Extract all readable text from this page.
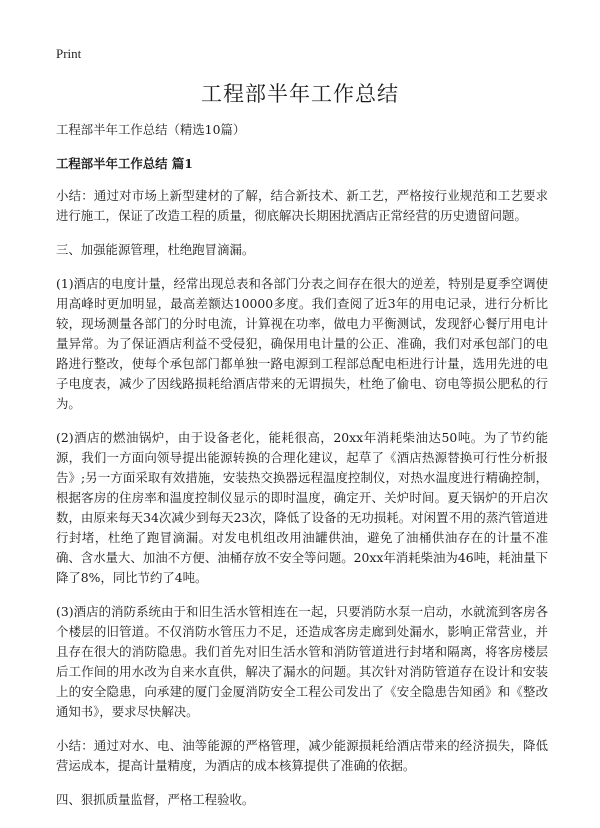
Print
工程部半年工作总结

工程部半年工作总结（精选10篇）

工程部半年工作总结 篇1

小结：通过对市场上新型建材的了解，结合新技术、新工艺，严格按行业规范和工艺要求进行施工，保证了改造工程的质量，彻底解决长期困扰酒店正常经营的历史遗留问题。

三、加强能源管理，杜绝跑冒滴漏。

(1)酒店的电度计量，经常出现总表和各部门分表之间存在很大的逆差，特别是夏季空调使用高峰时更加明显，最高差额达10000多度。我们查阅了近3年的用电记录，进行分析比较，现场测量各部门的分时电流，计算视在功率，做电力平衡测试，发现舒心餐厅用电计量异常。为了保证酒店利益不受侵犯，确保用电计量的公正、准确，我们对承包部门的电路进行整改，使每个承包部门都单独一路电源到工程部总配电柜进行计量，选用先进的电子电度表，减少了因线路损耗给酒店带来的无谓损失，杜绝了偷电、窃电等损公肥私的行为。

(2)酒店的燃油锅炉，由于设备老化，能耗很高，20xx年消耗柴油达50吨。为了节约能源，我们一方面向领导提出能源转换的合理化建议，起草了《酒店热源替换可行性分析报告》;另一方面采取有效措施，安装热交换器远程温度控制仪，对热水温度进行精确控制，根据客房的住房率和温度控制仪显示的即时温度，确定开、关炉时间。夏天锅炉的开启次数，由原来每天34次减少到每天23次，降低了设备的无功损耗。对闲置不用的蒸汽管道进行封堵，杜绝了跑冒滴漏。对发电机组改用油罐供油，避免了油桶供油存在的计量不准确、含水量大、加油不方便、油桶存放不安全等问题。20xx年消耗柴油为46吨，耗油量下降了8%，同比节约了4吨。

(3)酒店的消防系统由于和旧生活水管相连在一起，只要消防水泵一启动，水就流到客房各个楼层的旧管道。不仅消防水管压力不足，还造成客房走廊到处漏水，影响正常营业，并且存在很大的消防隐患。我们首先对旧生活水管和消防管道进行封堵和隔离，将客房楼层后工作间的用水改为自来水直供，解决了漏水的问题。其次针对消防管道存在设计和安装上的安全隐患，向承建的厦门金厦消防安全工程公司发出了《安全隐患告知函》和《整改通知书》，要求尽快解决。

小结：通过对水、电、油等能源的严格管理，减少能源损耗给酒店带来的经济损失，降低营运成本，提高计量精度，为酒店的成本核算提供了准确的依据。

四、狠抓质量监督，严格工程验收。
